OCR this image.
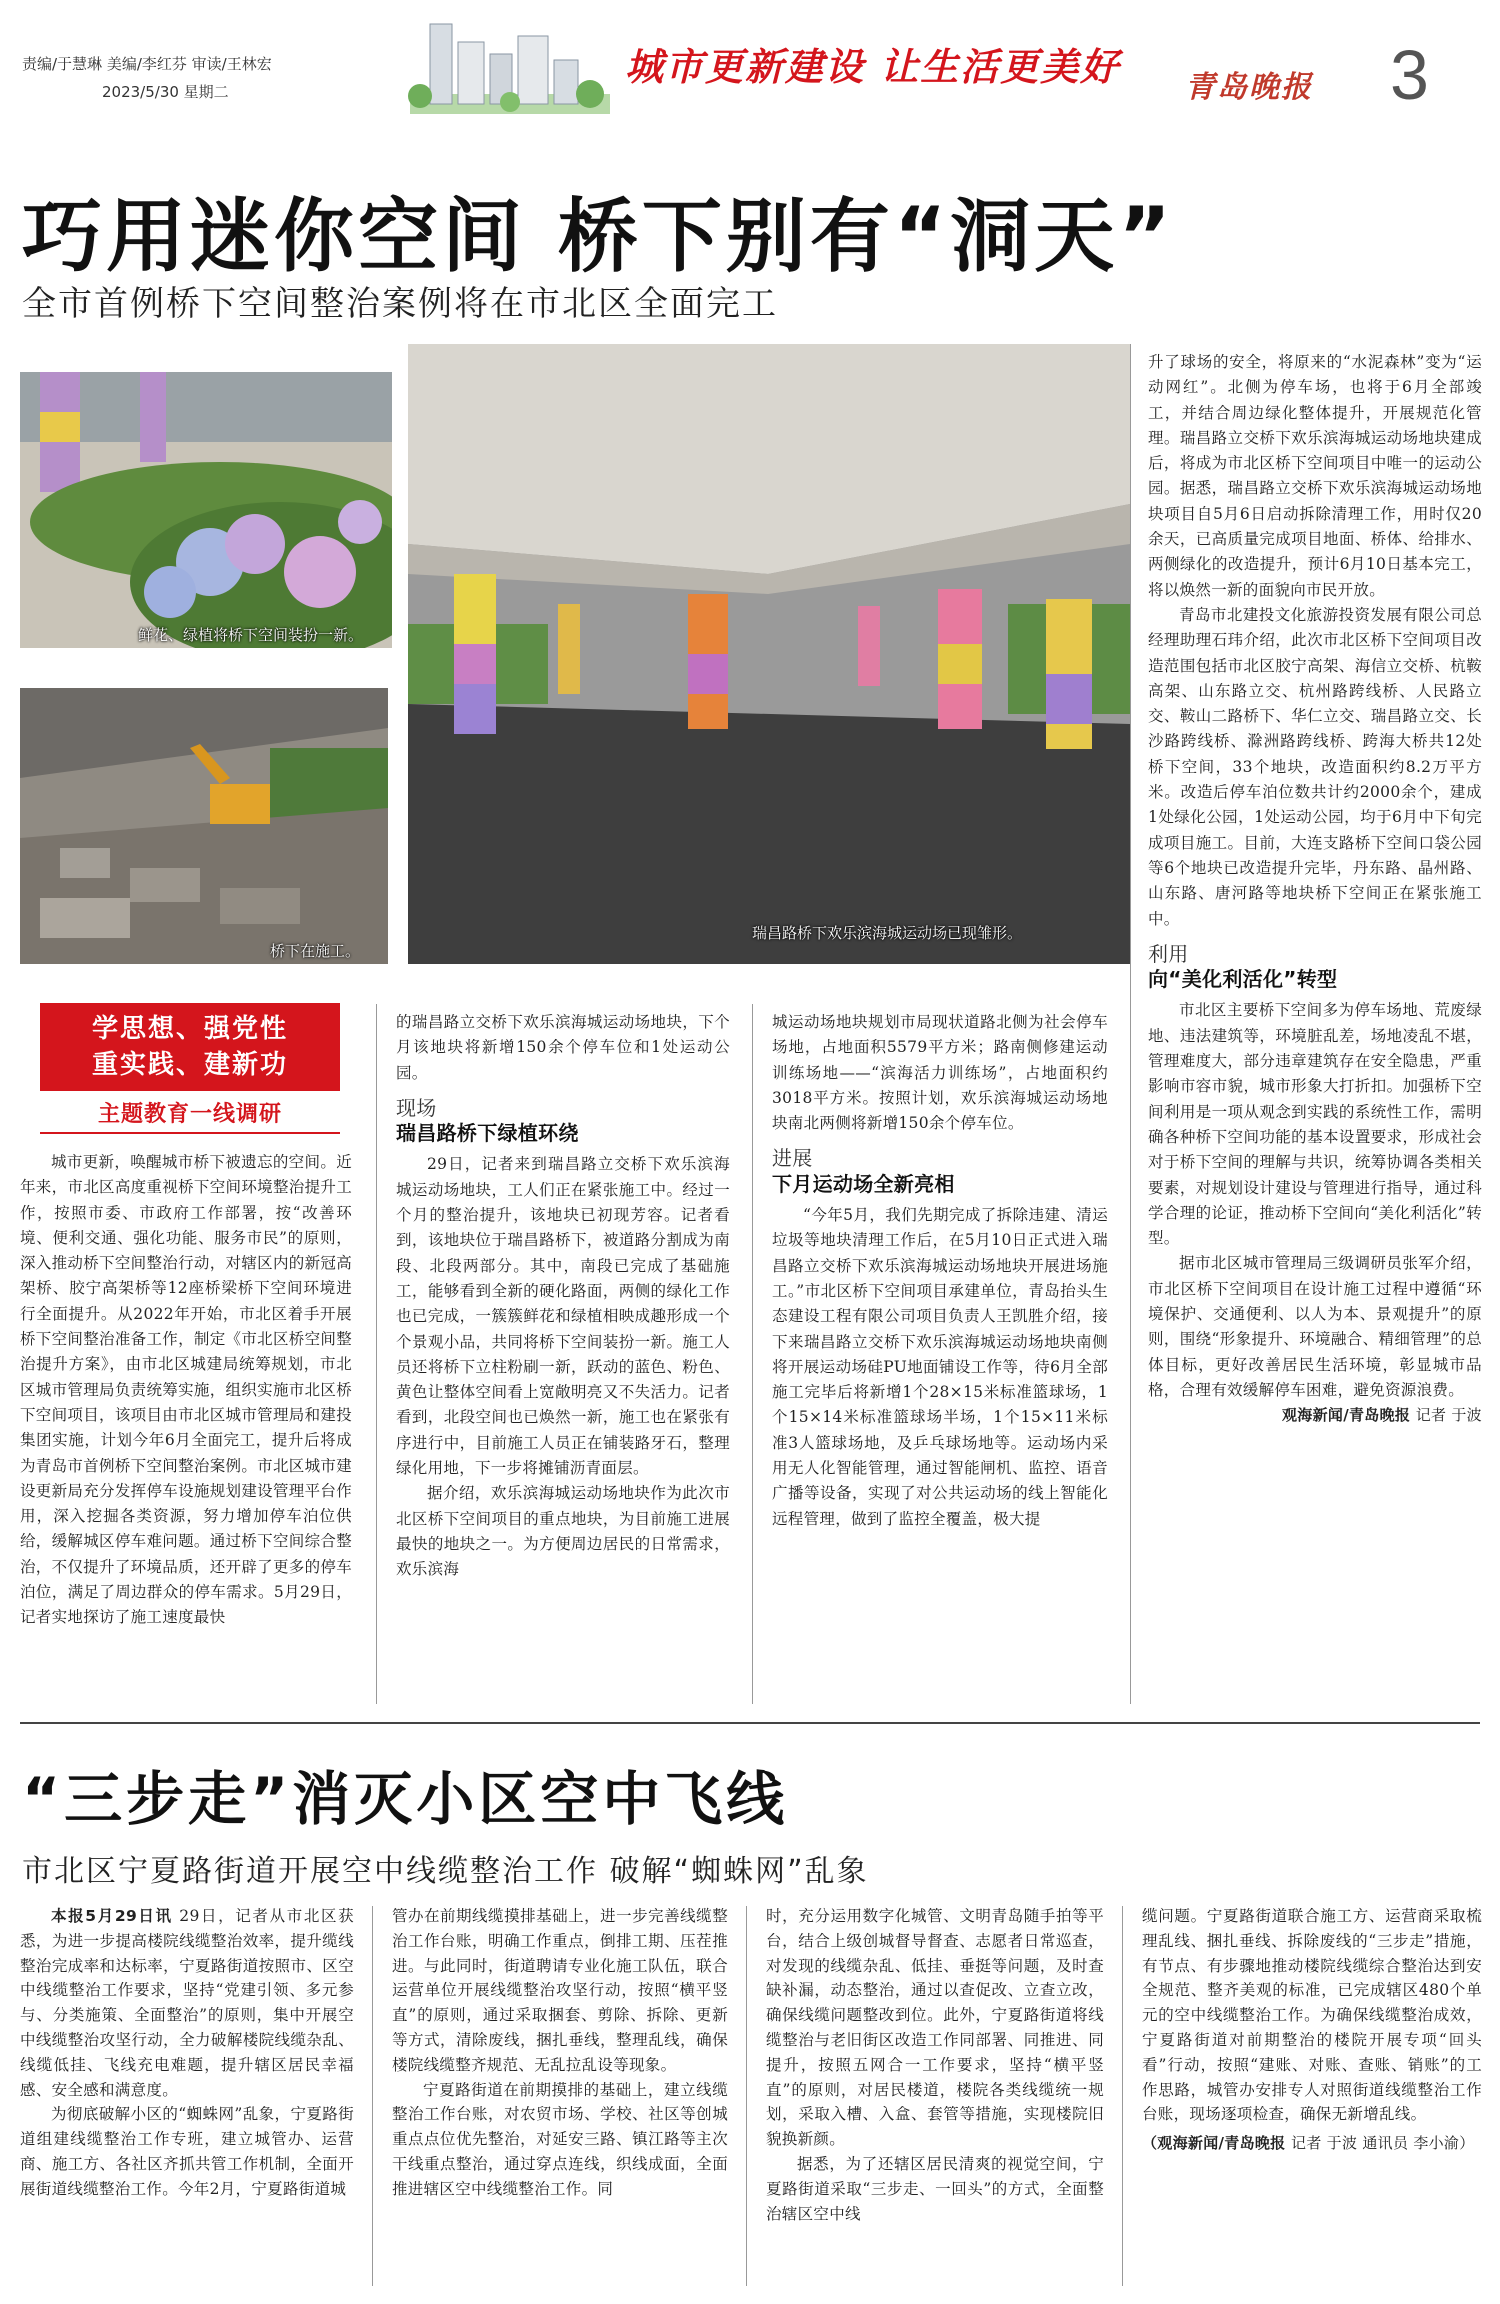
责编/于慧琳 美编/李红芬 审读/王林宏
2023/5/30 星期二
城市更新建设 让生活更美好 青岛晚报 3
巧用迷你空间 桥下别有“洞天”
全市首例桥下空间整治案例将在市北区全面完工
鲜花、绿植将桥下空间装扮一新。
桥下在施工。
瑞昌路桥下欢乐滨海城运动场已现雏形。
学思想、强党性
重实践、建新功
主题教育一线调研

城市更新，唤醒城市桥下被遗忘的空间。近年来，市北区高度重视桥下空间环境整治提升工作，按照市委、市政府工作部署，按“改善环境、便利交通、强化功能、服务市民”的原则，深入推动桥下空间整治行动，对辖区内的新冠高架桥、胶宁高架桥等12座桥梁桥下空间环境进行全面提升。从2022年开始，市北区着手开展桥下空间整治准备工作，制定《市北区桥空间整治提升方案》，由市北区城建局统筹规划，市北区城市管理局负责统筹实施，组织实施市北区桥下空间项目，该项目由市北区城市管理局和建投集团实施，计划今年6月全面完工，提升后将成为青岛市首例桥下空间整治案例。市北区城市建设更新局充分发挥停车设施规划建设管理平台作用，深入挖掘各类资源，努力增加停车泊位供给，缓解城区停车难问题。通过桥下空间综合整治，不仅提升了环境品质，还开辟了更多的停车泊位，满足了周边群众的停车需求。5月29日，记者实地探访了施工速度最快

的瑞昌路立交桥下欢乐滨海城运动场地块，下个月该地块将新增150余个停车位和1处运动公园。

现场
瑞昌路桥下绿植环绕

29日，记者来到瑞昌路立交桥下欢乐滨海城运动场地块，工人们正在紧张施工中。经过一个月的整治提升，该地块已初现芳容。记者看到，该地块位于瑞昌路桥下，被道路分割成为南段、北段两部分。其中，南段已完成了基础施工，能够看到全新的硬化路面，两侧的绿化工作也已完成，一簇簇鲜花和绿植相映成趣形成一个个景观小品，共同将桥下空间装扮一新。施工人员还将桥下立柱粉刷一新，跃动的蓝色、粉色、黄色让整体空间看上宽敞明亮又不失活力。记者看到，北段空间也已焕然一新，施工也在紧张有序进行中，目前施工人员正在铺装路牙石，整理绿化用地，下一步将摊铺沥青面层。

据介绍，欢乐滨海城运动场地块作为此次市北区桥下空间项目的重点地块，为目前施工进展最快的地块之一。为方便周边居民的日常需求，欢乐滨海

城运动场地块规划市局现状道路北侧为社会停车场地，占地面积5579平方米；路南侧修建运动训练场地——“滨海活力训练场”，占地面积约3018平方米。按照计划，欢乐滨海城运动场地块南北两侧将新增150余个停车位。

进展
下月运动场全新亮相

“今年5月，我们先期完成了拆除违建、清运垃圾等地块清理工作后，在5月10日正式进入瑞昌路立交桥下欢乐滨海城运动场地块开展进场施工。”市北区桥下空间项目承建单位，青岛抬头生态建设工程有限公司项目负责人王凯胜介绍，接下来瑞昌路立交桥下欢乐滨海城运动场地块南侧将开展运动场硅PU地面铺设工作等，待6月全部施工完毕后将新增1个28×15米标准篮球场，1个15×14米标准篮球场半场，1个15×11米标准3人篮球场地，及乒乓球场地等。运动场内采用无人化智能管理，通过智能闸机、监控、语音广播等设备，实现了对公共运动场的线上智能化远程管理，做到了监控全覆盖，极大提

升了球场的安全，将原来的“水泥森林”变为“运动网红”。北侧为停车场，也将于6月全部竣工，并结合周边绿化整体提升，开展规范化管理。瑞昌路立交桥下欢乐滨海城运动场地块建成后，将成为市北区桥下空间项目中唯一的运动公园。据悉，瑞昌路立交桥下欢乐滨海城运动场地块项目自5月6日启动拆除清理工作，用时仅20余天，已高质量完成项目地面、桥体、给排水、两侧绿化的改造提升，预计6月10日基本完工，将以焕然一新的面貌向市民开放。

青岛市北建投文化旅游投资发展有限公司总经理助理石玮介绍，此次市北区桥下空间项目改造范围包括市北区胶宁高架、海信立交桥、杭鞍高架、山东路立交、杭州路跨线桥、人民路立交、鞍山二路桥下、华仁立交、瑞昌路立交、长沙路跨线桥、滁洲路跨线桥、跨海大桥共12处桥下空间，33个地块，改造面积约8.2万平方米。改造后停车泊位数共计约2000余个，建成1处绿化公园，1处运动公园，均于6月中下旬完成项目施工。目前，大连支路桥下空间口袋公园等6个地块已改造提升完毕，丹东路、晶州路、山东路、唐河路等地块桥下空间正在紧张施工中。

利用
向“美化利活化”转型

市北区主要桥下空间多为停车场地、荒废绿地、违法建筑等，环境脏乱差，场地凌乱不堪，管理难度大，部分违章建筑存在安全隐患，严重影响市容市貌，城市形象大打折扣。加强桥下空间利用是一项从观念到实践的系统性工作，需明确各种桥下空间功能的基本设置要求，形成社会对于桥下空间的理解与共识，统筹协调各类相关要素，对规划设计建设与管理进行指导，通过科学合理的论证，推动桥下空间向“美化利活化”转型。

据市北区城市管理局三级调研员张军介绍，市北区桥下空间项目在设计施工过程中遵循“环境保护、交通便利、以人为本、景观提升”的原则，围绕“形象提升、环境融合、精细管理”的总体目标，更好改善居民生活环境，彰显城市品格，合理有效缓解停车困难，避免资源浪费。

观海新闻/青岛晚报 记者 于波
“三步走”消灭小区空中飞线
市北区宁夏路街道开展空中线缆整治工作 破解“蜘蛛网”乱象

本报5月29日讯 29日，记者从市北区获悉，为进一步提高楼院线缆整治效率，提升缆线整治完成率和达标率，宁夏路街道按照市、区空中线缆整治工作要求，坚持“党建引领、多元参与、分类施策、全面整治”的原则，集中开展空中线缆整治攻坚行动，全力破解楼院线缆杂乱、线缆低挂、飞线充电难题，提升辖区居民幸福感、安全感和满意度。

为彻底破解小区的“蜘蛛网”乱象，宁夏路街道组建线缆整治工作专班，建立城管办、运营商、施工方、各社区齐抓共管工作机制，全面开展街道线缆整治工作。今年2月，宁夏路街道城

管办在前期线缆摸排基础上，进一步完善线缆整治工作台账，明确工作重点，倒排工期、压茬推进。与此同时，街道聘请专业化施工队伍，联合运营单位开展线缆整治攻坚行动，按照“横平竖直”的原则，通过采取捆套、剪除、拆除、更新等方式，清除废线，捆扎垂线，整理乱线，确保楼院线缆整齐规范、无乱拉乱设等现象。

宁夏路街道在前期摸排的基础上，建立线缆整治工作台账，对农贸市场、学校、社区等创城重点点位优先整治，对延安三路、镇江路等主次干线重点整治，通过穿点连线，织线成面，全面推进辖区空中线缆整治工作。同

时，充分运用数字化城管、文明青岛随手拍等平台，结合上级创城督导督查、志愿者日常巡查，对发现的线缆杂乱、低挂、垂挺等问题，及时查缺补漏，动态整治，通过以查促改、立查立改，确保线缆问题整改到位。此外，宁夏路街道将线缆整治与老旧街区改造工作同部署、同推进、同提升，按照五网合一工作要求，坚持“横平竖直”的原则，对居民楼道，楼院各类线缆统一规划，采取入槽、入盒、套管等措施，实现楼院旧貌换新颜。

据悉，为了还辖区居民清爽的视觉空间，宁夏路街道采取“三步走、一回头”的方式，全面整治辖区空中线

缆问题。宁夏路街道联合施工方、运营商采取梳理乱线、捆扎垂线、拆除废线的“三步走”措施，有节点、有步骤地推动楼院线缆综合整治达到安全规范、整齐美观的标准，已完成辖区480个单元的空中线缆整治工作。为确保线缆整治成效，宁夏路街道对前期整治的楼院开展专项“回头看”行动，按照“建账、对账、查账、销账”的工作思路，城管办安排专人对照街道线缆整治工作台账，现场逐项检查，确保无新增乱线。

（观海新闻/青岛晚报 记者 于波 通讯员 李小渝）
